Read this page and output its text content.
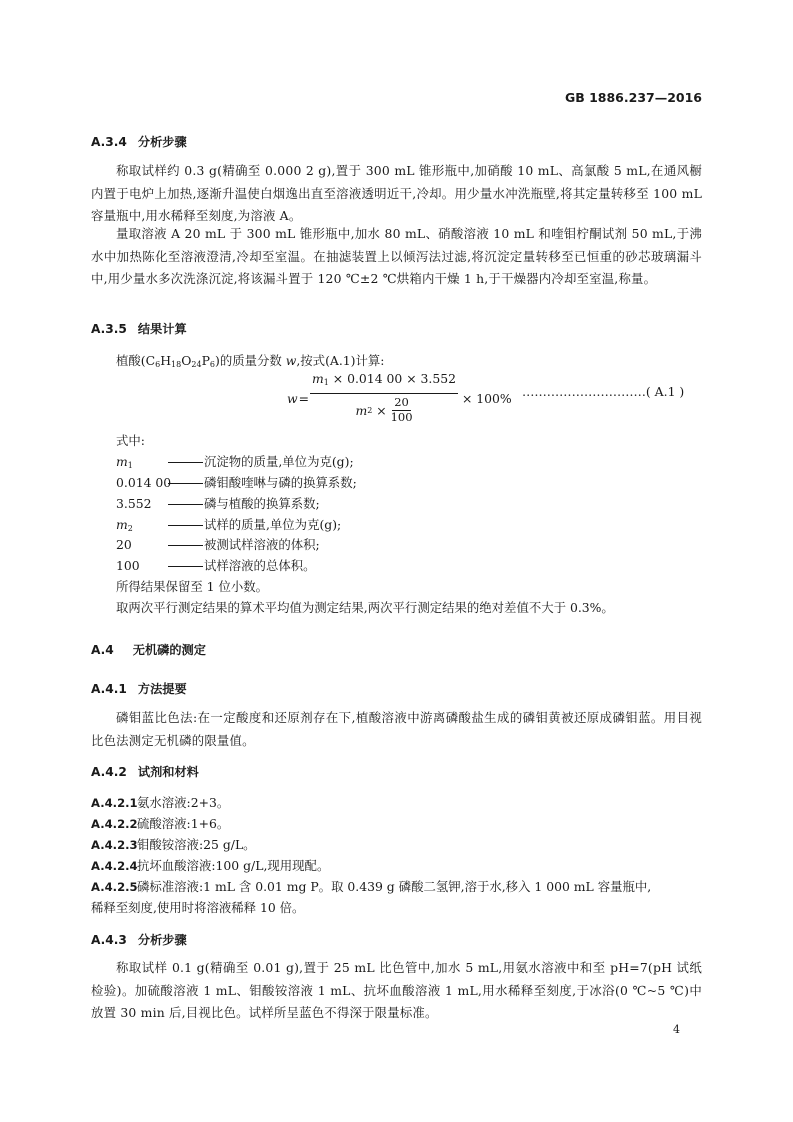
GB 1886.237—2016
A.3.4 分析步骤
称取试样约 0.3 g(精确至 0.000 2 g),置于 300 mL 锥形瓶中,加硝酸 10 mL、高氯酸 5 mL,在通风橱内置于电炉上加热,逐渐升温使白烟逸出直至溶液透明近干,冷却。用少量水冲洗瓶壁,将其定量转移至 100 mL 容量瓶中,用水稀释至刻度,为溶液 A。
量取溶液 A 20 mL 于 300 mL 锥形瓶中,加水 80 mL、硝酸溶液 10 mL 和喹钼柠酮试剂 50 mL,于沸水中加热陈化至溶液澄清,冷却至室温。在抽滤装置上以倾泻法过滤,将沉淀定量转移至已恒重的砂芯玻璃漏斗中,用少量水多次洗涤沉淀,将该漏斗置于 120 ℃±2 ℃烘箱内干燥 1 h,于干燥器内冷却至室温,称量。
A.3.5 结果计算
植酸$(C_6H_{18}O_{24}P_6)$的质量分数 w,按式(A.1)计算:
$w = \frac{m_1 \times 0.014 00 \times 3.552}{m 2 \times \frac{20}{100}} \times 100\%$ …………………………( A.1 )
式中:
$m_1$	沉淀物的质量,单位为克(g);
0.014 00	磷钼酸喹啉与磷的换算系数;
3.552	磷与植酸的换算系数;
$m_2$	试样的质量,单位为克(g);
20	被测试样溶液的体积;
100	试样溶液的总体积。
所得结果保留至 1 位小数。
取两次平行测定结果的算术平均值为测定结果,两次平行测定结果的绝对差值不大于 0.3%。
A.4 无机磷的测定
A.4.1 方法提要
磷钼蓝比色法:在一定酸度和还原剂存在下,植酸溶液中游离磷酸盐生成的磷钼黄被还原成磷钼蓝。用目视比色法测定无机磷的限量值。
A.4.2 试剂和材料
A.4.2.1氨水溶液:2+3。
A.4.2.2硫酸溶液:1+6。
A.4.2.3钼酸铵溶液:25 g/L。
A.4.2.4抗坏血酸溶液:100 g/L,现用现配。
A.4.2.5磷标准溶液:1 mL 含 0.01 mg P。取 0.439 g 磷酸二氢钾,溶于水,移入 1 000 mL 容量瓶中,
稀释至刻度,使用时将溶液稀释 10 倍。
A.4.3 分析步骤
称取试样 0.1 g(精确至 0.01 g),置于 25 mL 比色管中,加水 5 mL,用氨水溶液中和至 pH=7(pH 试纸检验)。加硫酸溶液 1 mL、钼酸铵溶液 1 mL、抗坏血酸溶液 1 mL,用水稀释至刻度,于冰浴(0 ℃~5 ℃)中放置 30 min 后,目视比色。试样所呈蓝色不得深于限量标准。
4
